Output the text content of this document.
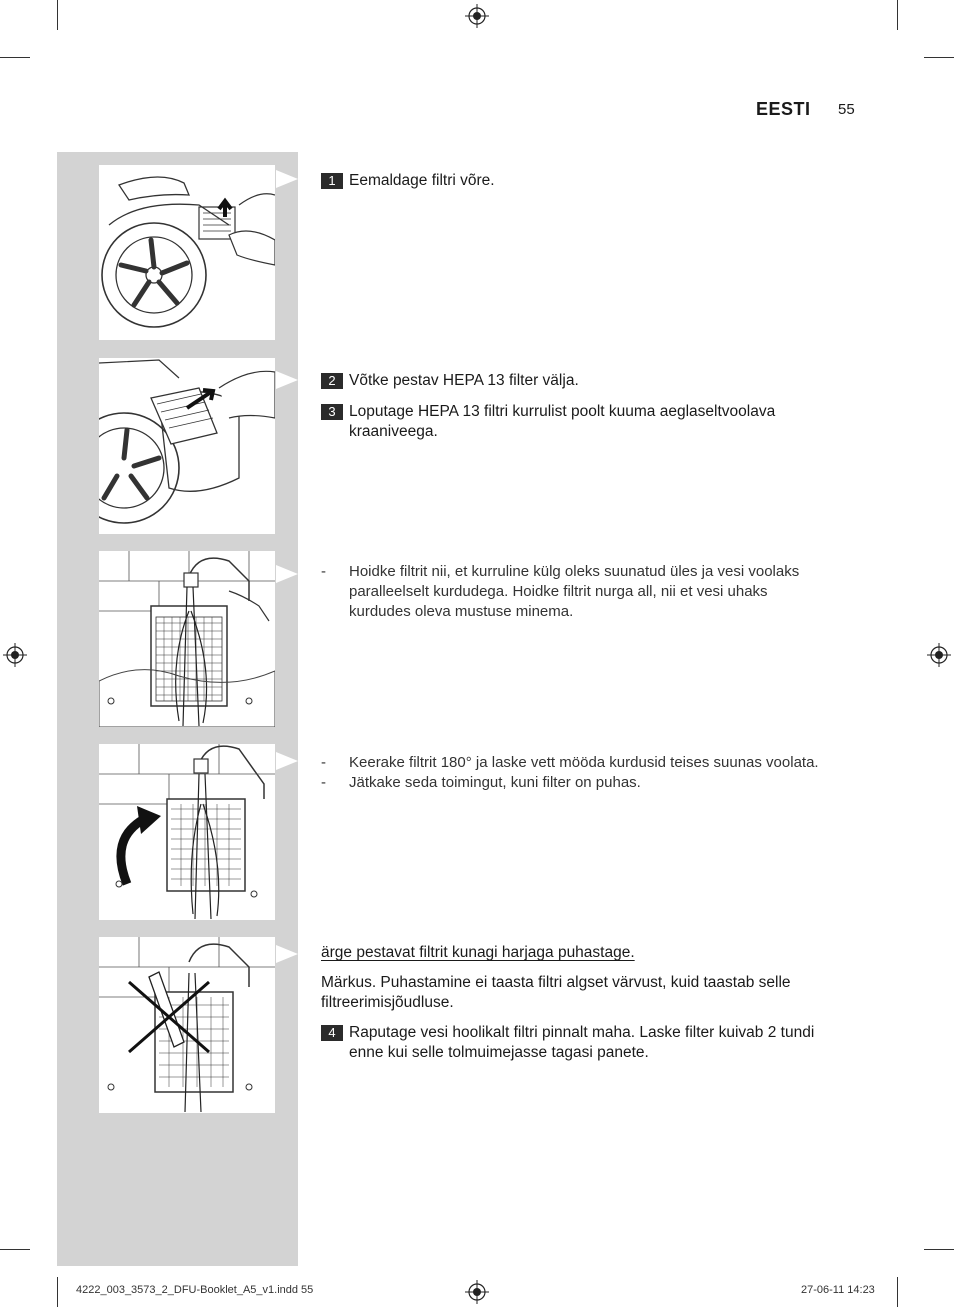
EESTI 55
1 Eemaldage filtri võre.
2 Võtke pestav HEPA 13 filter välja.
3 Loputage HEPA 13 filtri kurrulist poolt kuuma aeglaseltvoolava kraaniveega.
- Hoidke filtrit nii, et kurruline külg oleks suunatud üles ja vesi voolaks paralleelselt kurdudega. Hoidke filtrit nurga all, nii et vesi uhaks kurdudes oleva mustuse minema.
- Keerake filtrit 180° ja laske vett mööda kurdusid teises suunas voolata.
- Jätkake seda toimingut, kuni filter on puhas.
ärge pestavat filtrit kunagi harjaga puhastage.
Märkus. Puhastamine ei taasta filtri algset värvust, kuid taastab selle filtreerimisjõudluse.
4 Raputage vesi hoolikalt filtri pinnalt maha. Laske filter kuivab 2 tundi enne kui selle tolmuimejasse tagasi panete.
4222_003_3573_2_DFU-Booklet_A5_v1.indd 55	27-06-11 14:23
